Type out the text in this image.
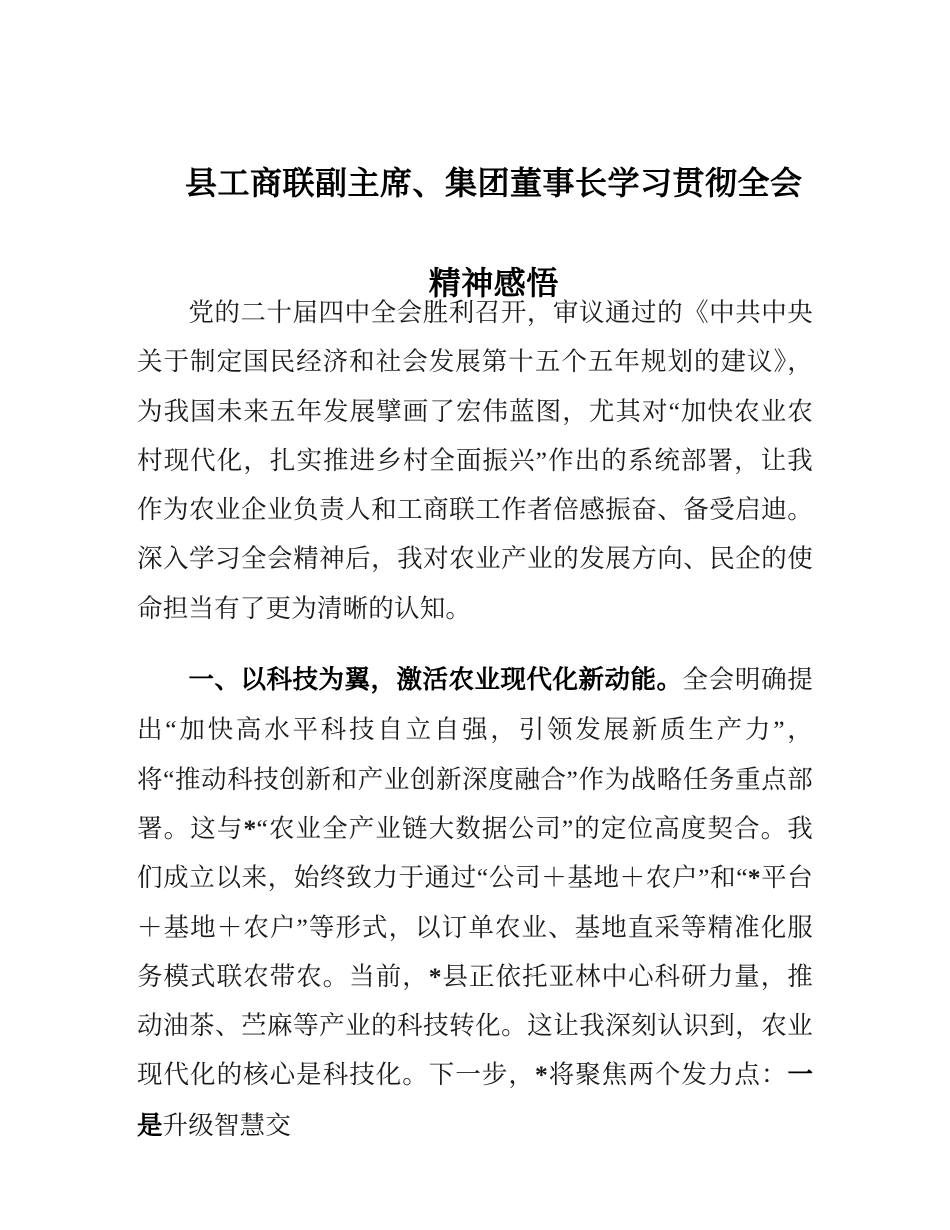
县工商联副主席、集团董事长学习贯彻全会

精神感悟

党的二十届四中全会胜利召开，审议通过的《中共中央关于制定国民经济和社会发展第十五个五年规划的建议》，为我国未来五年发展擘画了宏伟蓝图，尤其对“加快农业农村现代化，扎实推进乡村全面振兴”作出的系统部署，让我作为农业企业负责人和工商联工作者倍感振奋、备受启迪。深入学习全会精神后，我对农业产业的发展方向、民企的使命担当有了更为清晰的认知。

一、以科技为翼，激活农业现代化新动能。全会明确提出“加快高水平科技自立自强，引领发展新质生产力”，将“推动科技创新和产业创新深度融合”作为战略任务重点部署。这与*“农业全产业链大数据公司”的定位高度契合。我们成立以来，始终致力于通过“公司＋基地＋农户”和“*平台＋基地＋农户”等形式，以订单农业、基地直采等精准化服务模式联农带农。当前，*县正依托亚林中心科研力量，推动油茶、苎麻等产业的科技转化。这让我深刻认识到，农业现代化的核心是科技化。下一步，*将聚焦两个发力点：一是升级智慧交
